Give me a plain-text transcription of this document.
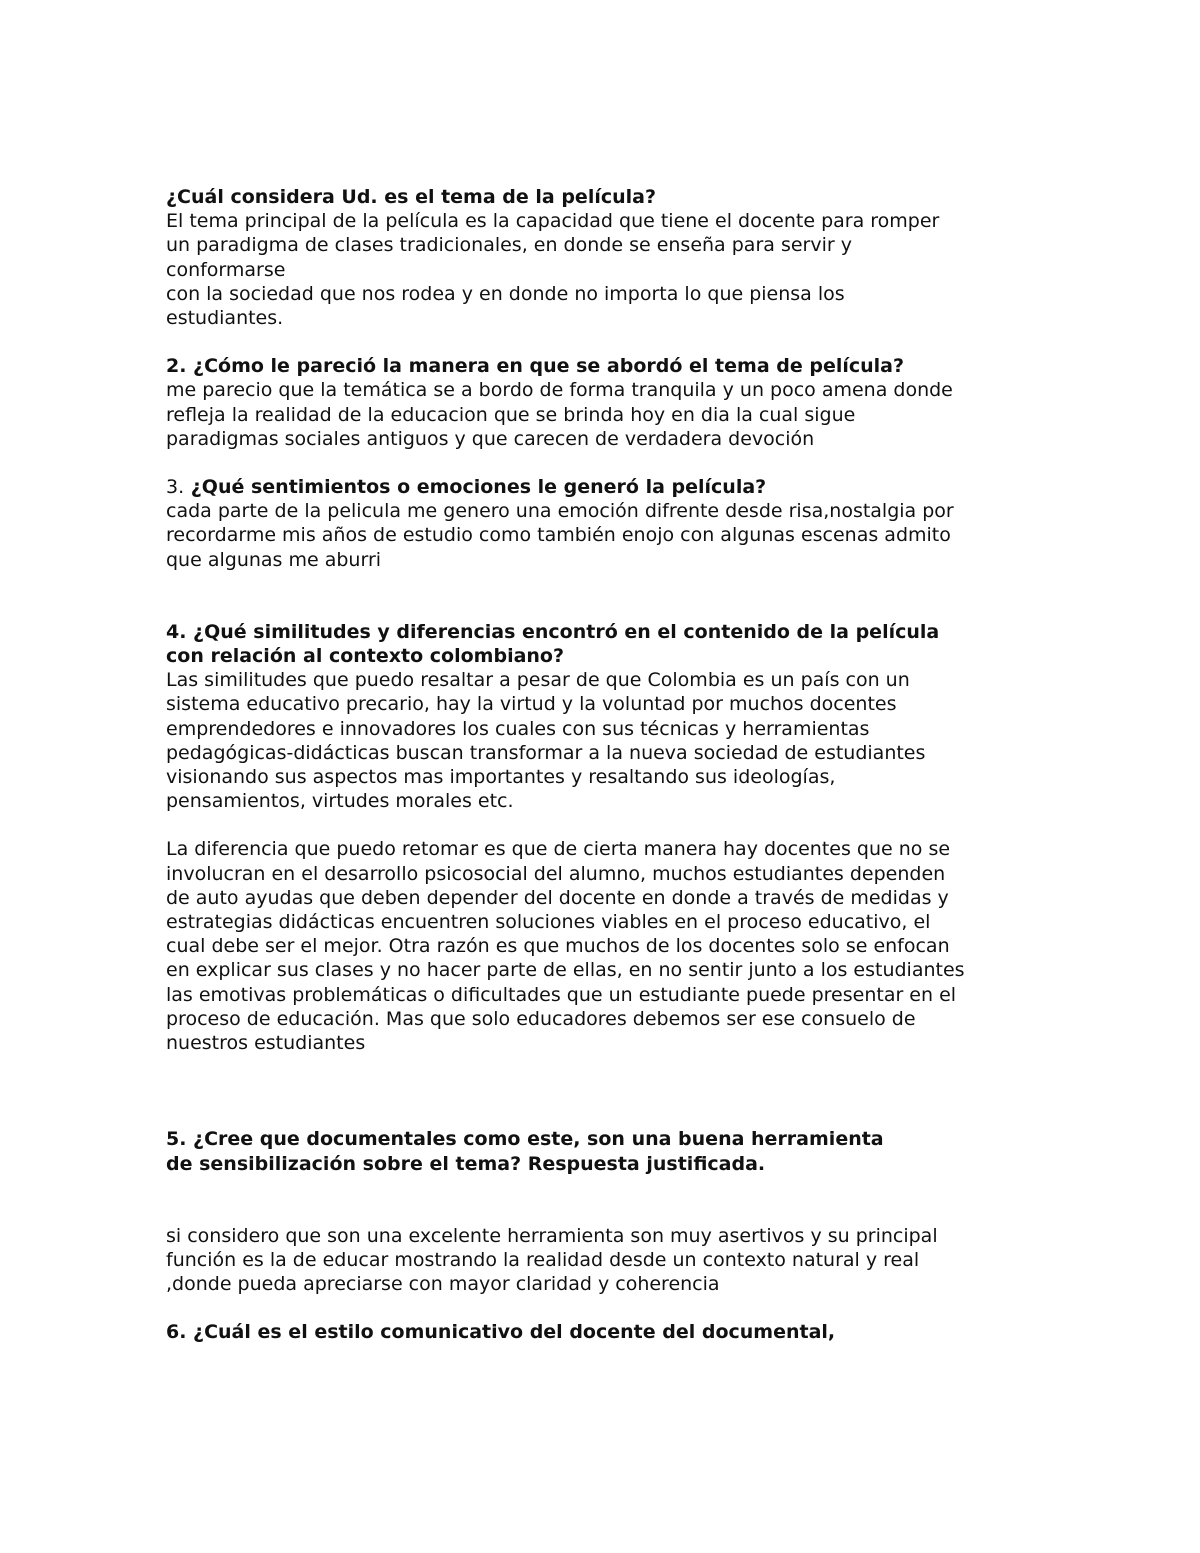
¿Cuál considera Ud. es el tema de la película?

El tema principal de la película es la capacidad que tiene el docente para romper
un paradigma de clases tradicionales, en donde se enseña para servir y
conformarse
con la sociedad que nos rodea y en donde no importa lo que piensa los
estudiantes.

2. ¿Cómo le pareció la manera en que se abordó el tema de película?

me parecio que la temática se a bordo de forma tranquila y un poco amena donde
refleja la realidad de la educacion que se brinda hoy en dia la cual sigue
paradigmas sociales antiguos y que carecen de verdadera devoción

3. ¿Qué sentimientos o emociones le generó la película?

cada parte de la pelicula me genero una emoción difrente desde risa,nostalgia por
recordarme mis años de estudio como también enojo con algunas escenas admito
que algunas me aburri

4. ¿Qué similitudes y diferencias encontró en el contenido de la película
con relación al contexto colombiano?

Las similitudes que puedo resaltar a pesar de que Colombia es un país con un
sistema educativo precario, hay la virtud y la voluntad por muchos docentes
emprendedores e innovadores los cuales con sus técnicas y herramientas
pedagógicas-didácticas buscan transformar a la nueva sociedad de estudiantes
visionando sus aspectos mas importantes y resaltando sus ideologías,
pensamientos, virtudes morales etc.

La diferencia que puedo retomar es que de cierta manera hay docentes que no se
involucran en el desarrollo psicosocial del alumno, muchos estudiantes dependen
de auto ayudas que deben depender del docente en donde a través de medidas y
estrategias didácticas encuentren soluciones viables en el proceso educativo, el
cual debe ser el mejor. Otra razón es que muchos de los docentes solo se enfocan
en explicar sus clases y no hacer parte de ellas, en no sentir junto a los estudiantes
las emotivas problemáticas o dificultades que un estudiante puede presentar en el
proceso de educación. Mas que solo educadores debemos ser ese consuelo de
nuestros estudiantes

5. ¿Cree que documentales como este, son una buena herramienta
de sensibilización sobre el tema? Respuesta justificada.

si considero que son una excelente herramienta son muy asertivos y su principal
función es la de educar mostrando la realidad desde un contexto natural y real
,donde pueda apreciarse con mayor claridad y coherencia

6. ¿Cuál es el estilo comunicativo del docente del documental,
